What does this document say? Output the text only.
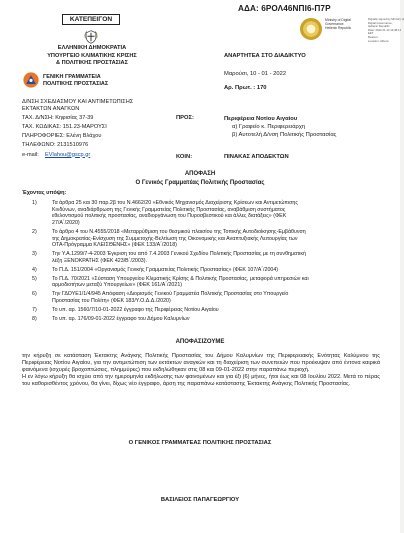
ΑΔΑ: 6ΡΟΛ46ΝΠΙ6-Π7Ρ
Ministry of Digital
Governance,
Hellenic Republic
Digitally signed by Ministry of
Digital Governance,
Hellenic Republic
Date: 2022.01.10 13:38:12
EET
Reason:
Location: Athens
ΚΑΤΕΠΕΙΓΟΝ
ΕΛΛΗΝΙΚΗ ΔΗΜΟΚΡΑΤΙΑ
ΥΠΟΥΡΓΕΙΟ ΚΛΙΜΑΤΙΚΗΣ ΚΡΙΣΗΣ
& ΠΟΛΙΤΙΚΗΣ ΠΡΟΣΤΑΣΙΑΣ
ΓΕΝΙΚΗ ΓΡΑΜΜΑΤΕΙΑ
ΠΟΛΙΤΙΚΗΣ ΠΡΟΣΤΑΣΙΑΣ
Δ/ΝΣΗ ΣΧΕΔΙΑΣΜΟΥ ΚΑΙ ΑΝΤΙΜΕΤΩΠΙΣΗΣ
ΕΚΤΑΚΤΩΝ ΑΝΑΓΚΩΝ
ΤΑΧ. Δ/ΝΣΗ: Κηφισίας 37-39
ΤΑΧ. ΚΩΔΙΚΑΣ: 151.23-ΜΑΡΟΥΣΙ
ΠΛΗΡΟΦΟΡΙΕΣ: Ελένη Βλάχου
ΤΗΛΕΦΩΝΟ: 2131510976
e-mail: EVlahou@gscp.gr
ΑΝΑΡΤΗΤΕΑ ΣΤΟ ΔΙΑΔΙΚΤΥΟ
Μαρούσι, 10 - 01 - 2022
Αρ. Πρωτ. : 170
ΠΡΟΣ:	Περιφέρεια Νοτίου Αιγαίου
α) Γραφείο κ. Περιφερειάρχη
β) Αυτοτελή Δ/νση Πολιτικής Προστασίας
ΚΟΙΝ:	ΠΙΝΑΚΑΣ ΑΠΟΔΕΚΤΩΝ
ΑΠΟΦΑΣΗ
Ο Γενικός Γραμματέας Πολιτικής Προστασίας
Έχοντας υπόψη:
1)	Τα άρθρα 25 και 30 παρ.2β του Ν.4662/20 «Εθνικός Μηχανισμός Διαχείρισης Κρίσεων και Αντιμετώπισης
Κινδύνων, αναδιάρθρωση της Γενικής Γραμματείας Πολιτικής Προστασίας, αναβάθμιση συστήματος
εθελοντισμού πολιτικής προστασίας, αναδιοργάνωση του Πυροσβεστικού και άλλες διατάξεις» (ΦΕΚ
27/Α΄/2020)
2)	Το άρθρο 4 του Ν.4555/2018 «Μεταρρύθμιση του θεσμικού πλαισίου της Τοπικής Αυτοδιοίκησης-Εμβάθυνση
της Δημοκρατίας-Ενίσχυση της Συμμετοχής-Βελτίωση της Οικονομικής και Αναπτυξιακής Λειτουργίας των
ΟΤΑ-Πρόγραμμα ΚΛΕΙΣΘΕΝΗΣ» (ΦΕΚ 133/Α΄/2018)
3)	Την Υ.Α.1299/7-4-2003 Έγκριση του από 7.4.2003 Γενικού Σχεδίου Πολιτικής Προστασίας με τη συνθηματική
λέξη ΞΕΝΟΚΡΑΤΗΣ (ΦΕΚ 423/Β΄/2003).
4)	Το Π.Δ. 151/2004 «Οργανισμός Γενικής Γραμματείας Πολιτικής Προστασίας» (ΦΕΚ 107/Α΄/2004)
5)	Το Π.Δ. 70/2021 «Σύσταση Υπουργείου Κλιματικής Κρίσης & Πολιτικής Προστασίας, μεταφορά υπηρεσιών και
αρμοδιοτήτων μεταξύ Υπουργείων» (ΦΕΚ 161/Α΄/2021)
6)	Την ΓΔΟΥΕ1/1/4/945 Απόφαση «Διορισμός Γενικού Γραμματέα Πολιτικής Προστασίας στο Υπουργείο
Προστασίας του Πολίτη» (ΦΕΚ 183/Υ.Ο.Δ.Δ./2020)
7)	Το υπ. αρ. 1560/7/10-01-2022 έγγραφο της Περιφέρειας Νοτίου Αιγαίου
8)	Το υπ. αρ. 176/09-01-2022 έγγραφο του Δήμου Καλυμνίων
ΑΠΟΦΑΣΙΖΟΥΜΕ

την κήρυξη σε κατάσταση Έκτακτης Ανάγκης Πολιτικής Προστασίας του Δήμου Καλυμνίων της Περιφερειακής Ενότητας Καλύμνου της Περιφέρειας Νοτίου Αιγαίου, για την αντιμετώπιση των εκτάκτων αναγκών και τη διαχείριση των συνεπειών που προέκυψαν από έντονα καιρικά φαινόμενα (ισχυρές βροχοπτώσεις, πλημμύρες) που εκδηλώθηκαν στις 08 και 09-01-2022 στην παραπάνω περιοχή.

Η εν λόγω κήρυξη θα ισχύει από την ημερομηνία εκδήλωσης των φαινομένων και για έξι (6) μήνες, ήτοι έως και 08 Ιουλίου 2022. Μετά το πέρας του καθορισθέντος χρόνου, θα γίνει, δίχως νέο έγγραφο, άρση της παραπάνω κατάστασης Έκτακτης Ανάγκης Πολιτικής Προστασίας.

Ο ΓΕΝΙΚΟΣ ΓΡΑΜΜΑΤΕΑΣ ΠΟΛΙΤΙΚΗΣ ΠΡΟΣΤΑΣΙΑΣ
ΒΑΣΙΛΕΙΟΣ ΠΑΠΑΓΕΩΡΓΙΟΥ
